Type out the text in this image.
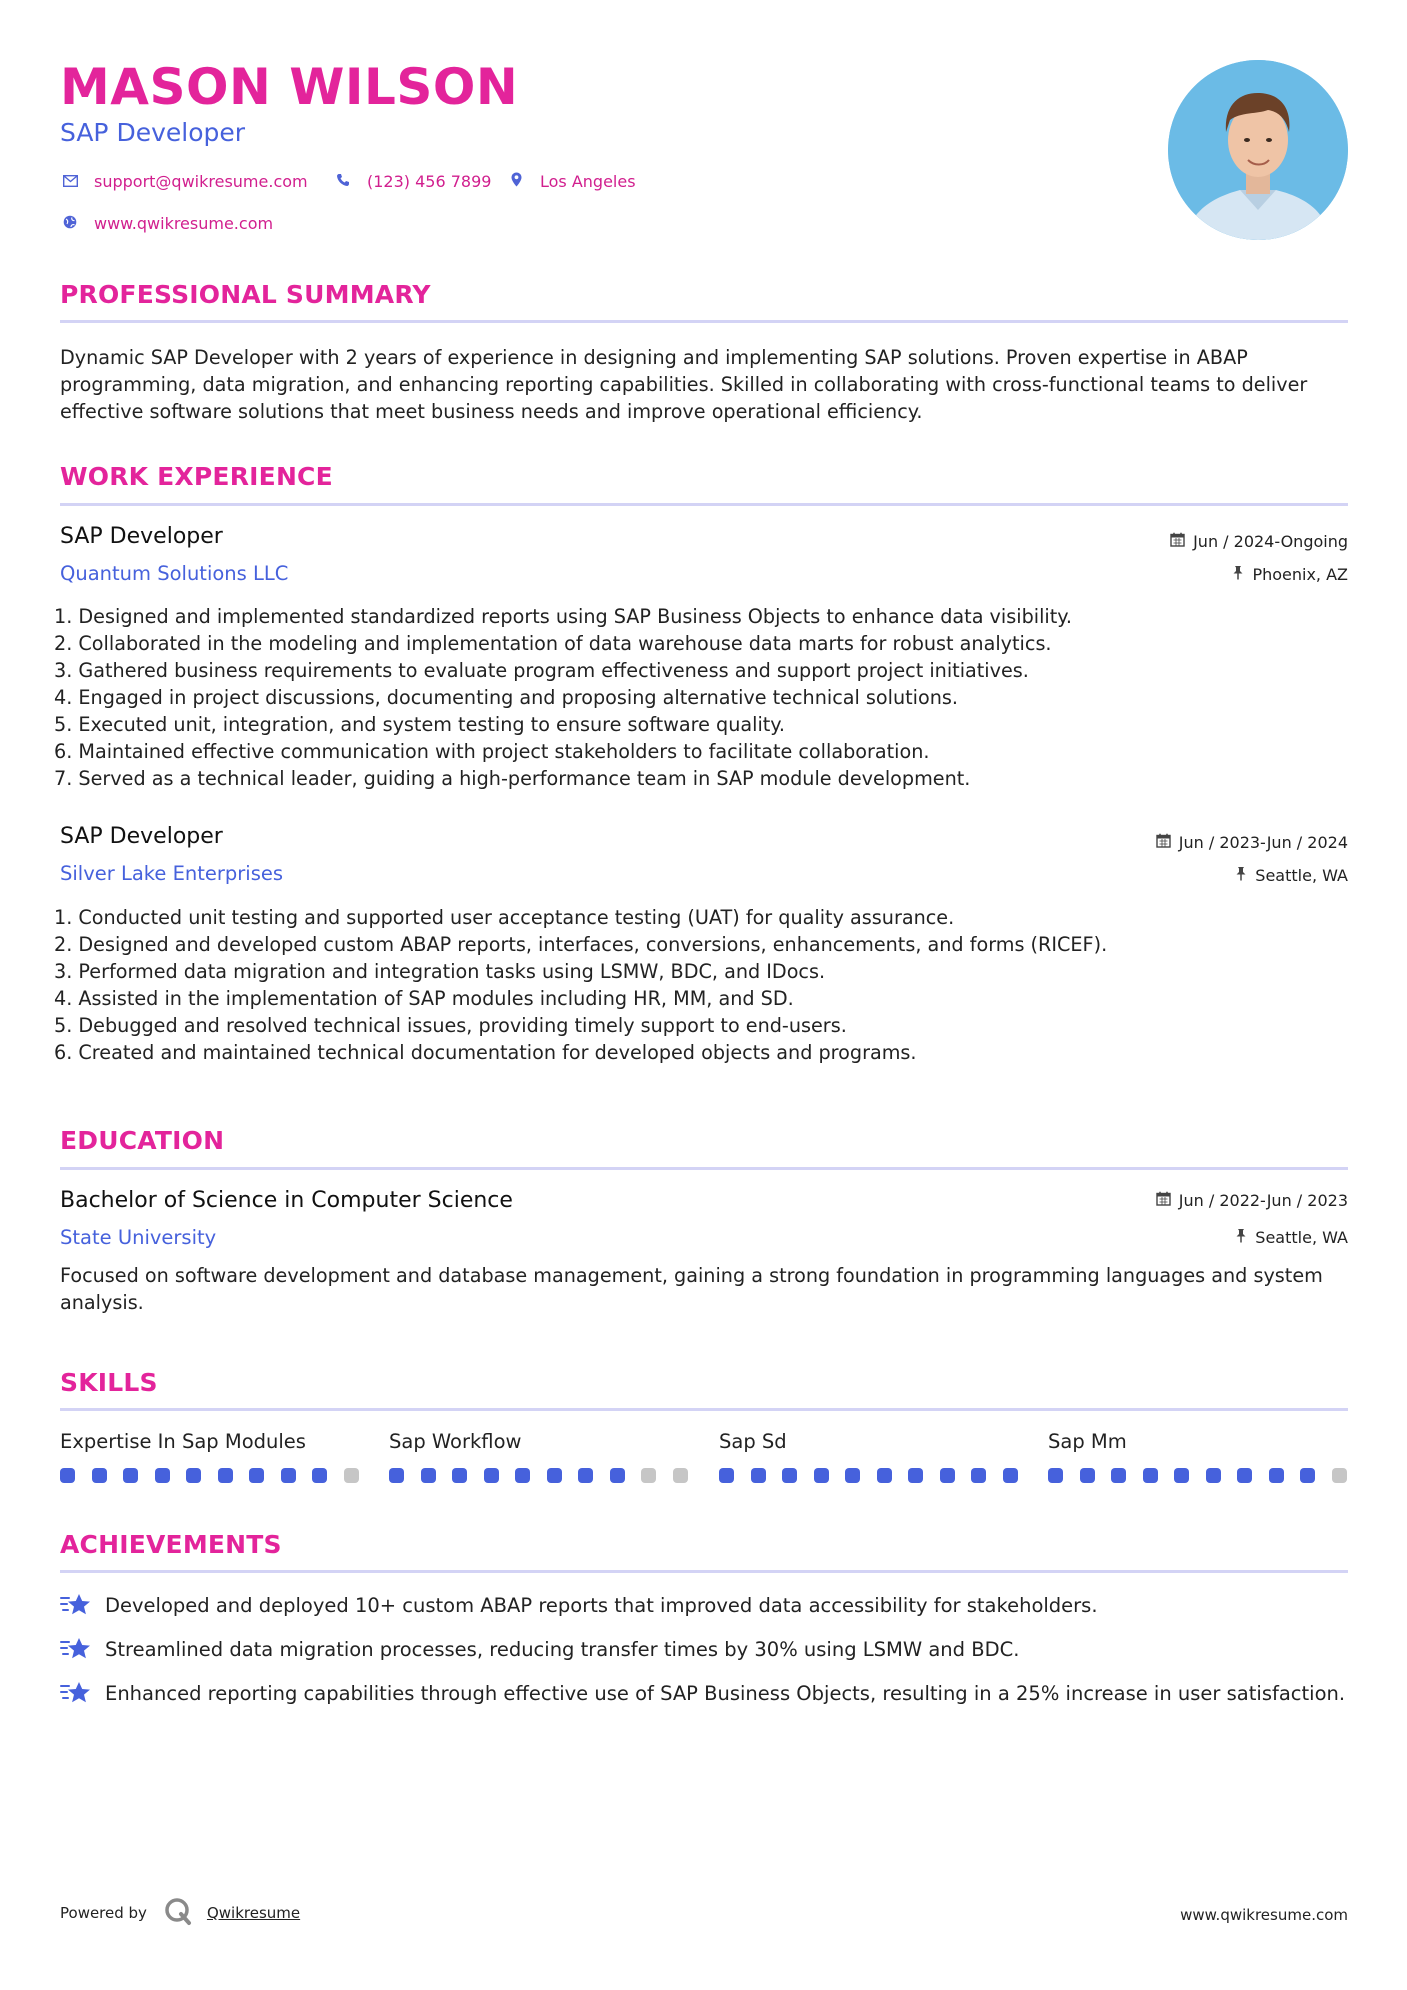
MASON WILSON
SAP Developer
support@qwikresume.com	(123) 456 7899	Los Angeles
www.qwikresume.com
PROFESSIONAL SUMMARY
Dynamic SAP Developer with 2 years of experience in designing and implementing SAP solutions. Proven expertise in ABAP programming, data migration, and enhancing reporting capabilities. Skilled in collaborating with cross-functional teams to deliver effective software solutions that meet business needs and improve operational efficiency.
WORK EXPERIENCE
SAP Developer
Quantum Solutions LLC
Jun / 2024-Ongoing
Phoenix, AZ
1. Designed and implemented standardized reports using SAP Business Objects to enhance data visibility.
2. Collaborated in the modeling and implementation of data warehouse data marts for robust analytics.
3. Gathered business requirements to evaluate program effectiveness and support project initiatives.
4. Engaged in project discussions, documenting and proposing alternative technical solutions.
5. Executed unit, integration, and system testing to ensure software quality.
6. Maintained effective communication with project stakeholders to facilitate collaboration.
7. Served as a technical leader, guiding a high-performance team in SAP module development.
SAP Developer
Silver Lake Enterprises
Jun / 2023-Jun / 2024
Seattle, WA
1. Conducted unit testing and supported user acceptance testing (UAT) for quality assurance.
2. Designed and developed custom ABAP reports, interfaces, conversions, enhancements, and forms (RICEF).
3. Performed data migration and integration tasks using LSMW, BDC, and IDocs.
4. Assisted in the implementation of SAP modules including HR, MM, and SD.
5. Debugged and resolved technical issues, providing timely support to end-users.
6. Created and maintained technical documentation for developed objects and programs.
EDUCATION
Bachelor of Science in Computer Science
State University
Jun / 2022-Jun / 2023
Seattle, WA
Focused on software development and database management, gaining a strong foundation in programming languages and system analysis.
SKILLS
Expertise In Sap Modules	Sap Workflow	Sap Sd	Sap Mm
ACHIEVEMENTS
Developed and deployed 10+ custom ABAP reports that improved data accessibility for stakeholders.
Streamlined data migration processes, reducing transfer times by 30% using LSMW and BDC.
Enhanced reporting capabilities through effective use of SAP Business Objects, resulting in a 25% increase in user satisfaction.
Powered by	Qwikresume	www.qwikresume.com
